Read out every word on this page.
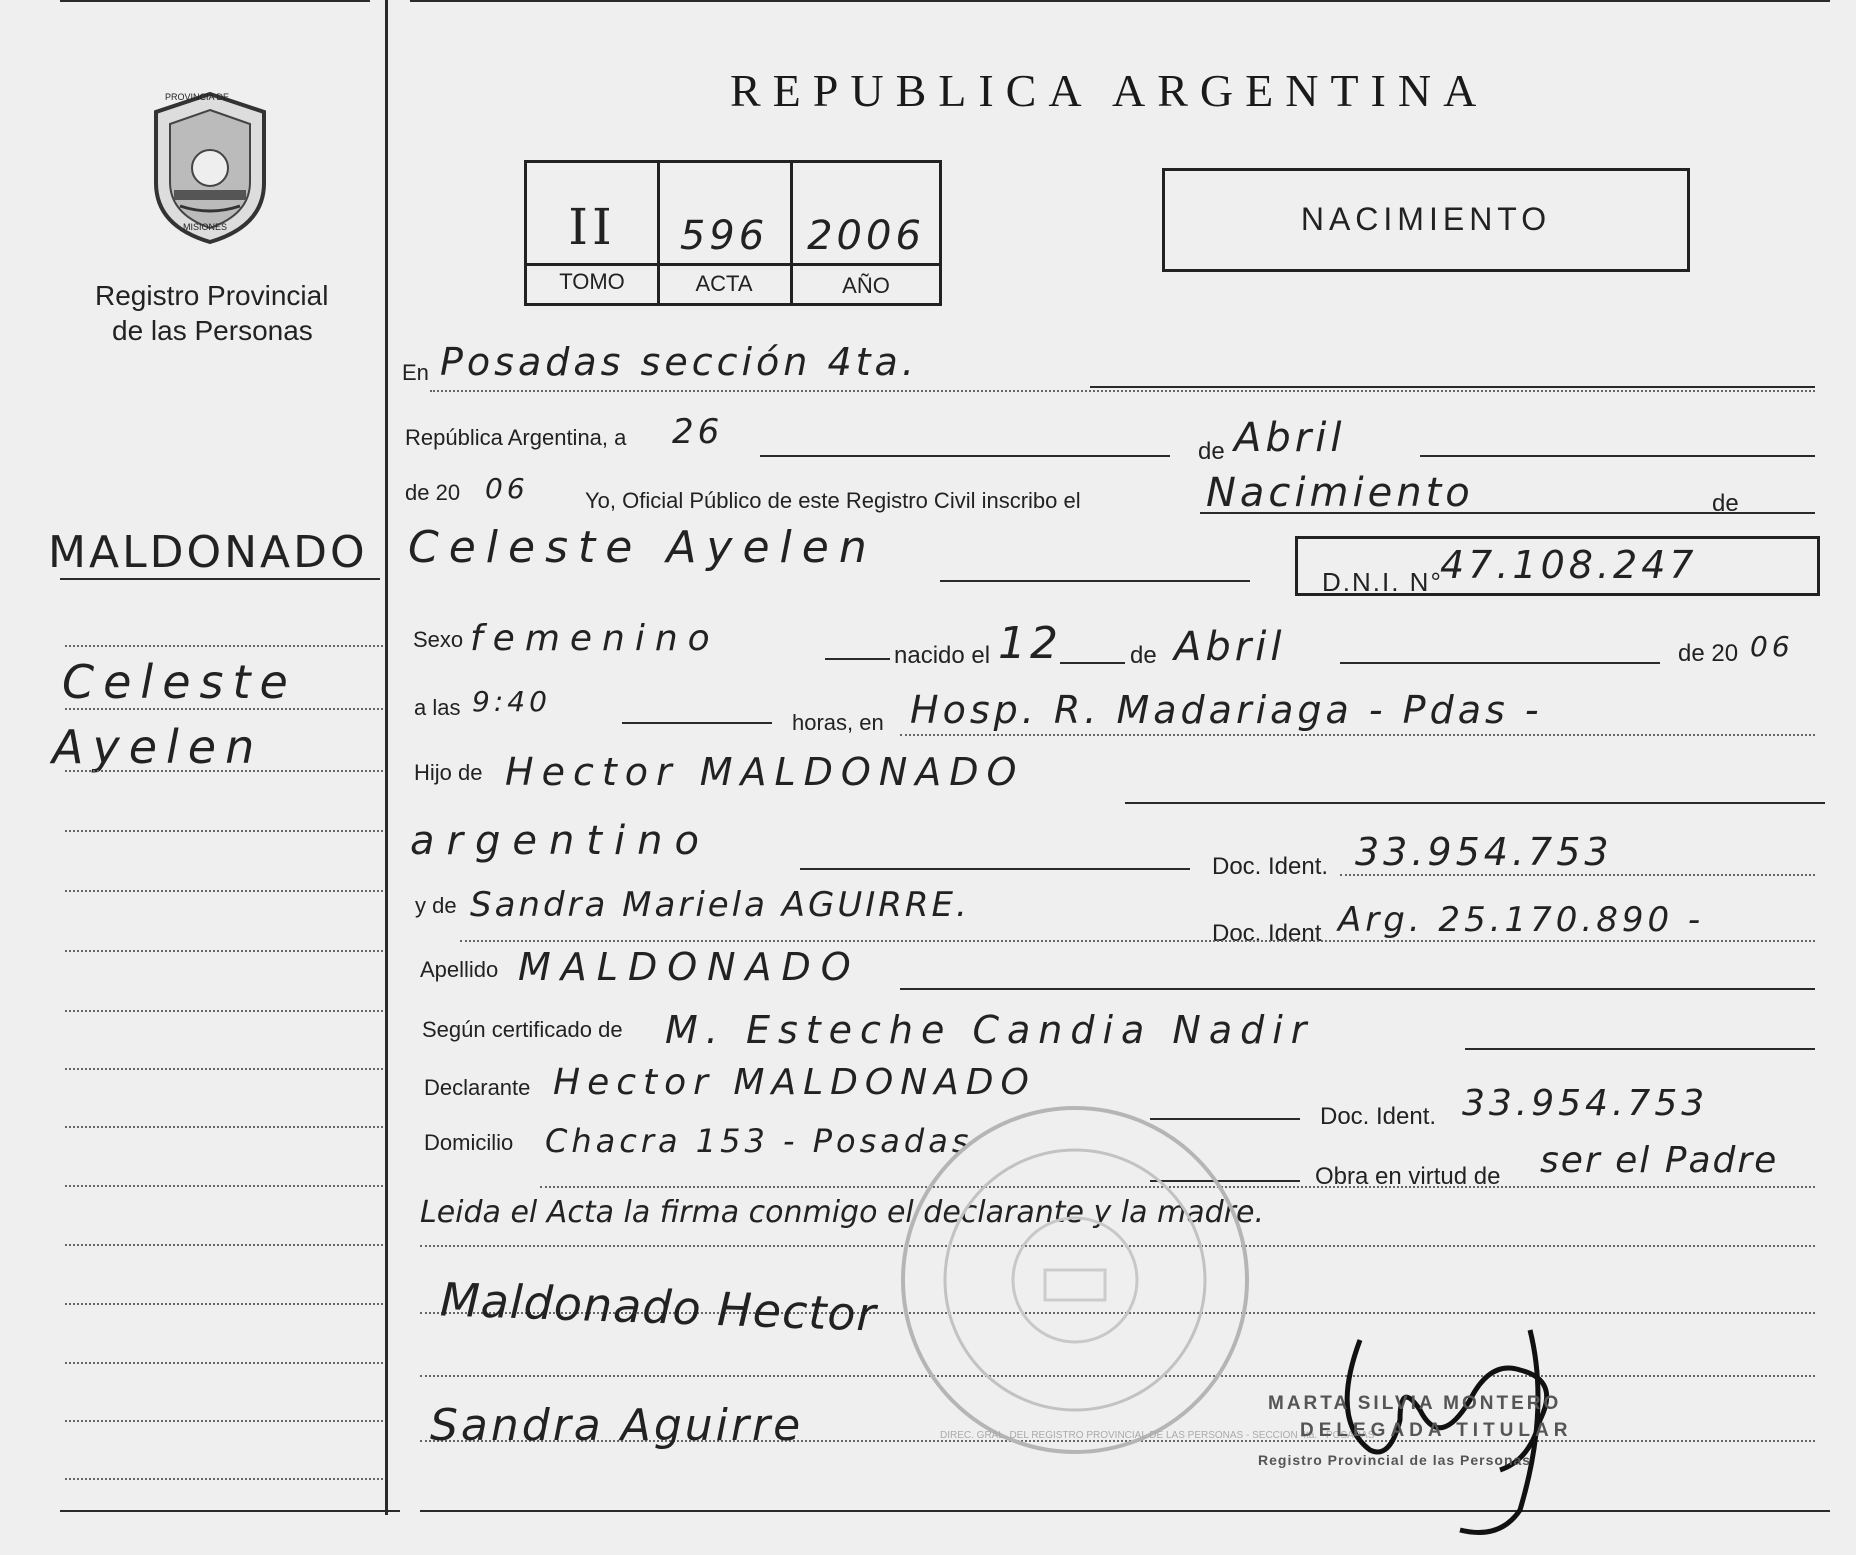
PROVINCIA DE
MISIONES
Registro Provincial
de las Personas
REPUBLICA ARGENTINA
II	596 2006
TOMO	ACTA	AÑO
NACIMIENTO
MALDONADO
Celeste
Ayelen
En Posadas sección 4ta.
República Argentina, a 26	de Abril
de 20 06	Yo, Oficial Público de este Registro Civil inscribo el	Nacimiento	de
Celeste Ayelen
D.N.I. N°
47.108.247
Sexo femenino	nacido el 12	de Abril	de 20 06
a las 9:40
horas, en Hosp. R. Madariaga - Pdas -
Hijo de Hector MALDONADO
argentino
Doc. Ident. 33.954.753
y de Sandra Mariela AGUIRRE.
Doc. Ident Arg. 25.170.890 -
Apellido MALDONADO
Según certificado de M. Esteche Candia Nadir
Declarante Hector MALDONADO
Doc. Ident. 33.954.753
Domicilio Chacra 153 - Posadas
Obra en virtud de ser el Padre
Leida el Acta la firma conmigo el declarante y la madre.
Maldonado Hector
Sandra Aguirre	DIREC. GRAL. DEL REGISTRO PROVINCIAL DE LAS PERSONAS - SECCION 4ta. - POSADAS
MARTA SILVIA MONTERO
DELEGADA TITULAR
Registro Provincial de las Personas
